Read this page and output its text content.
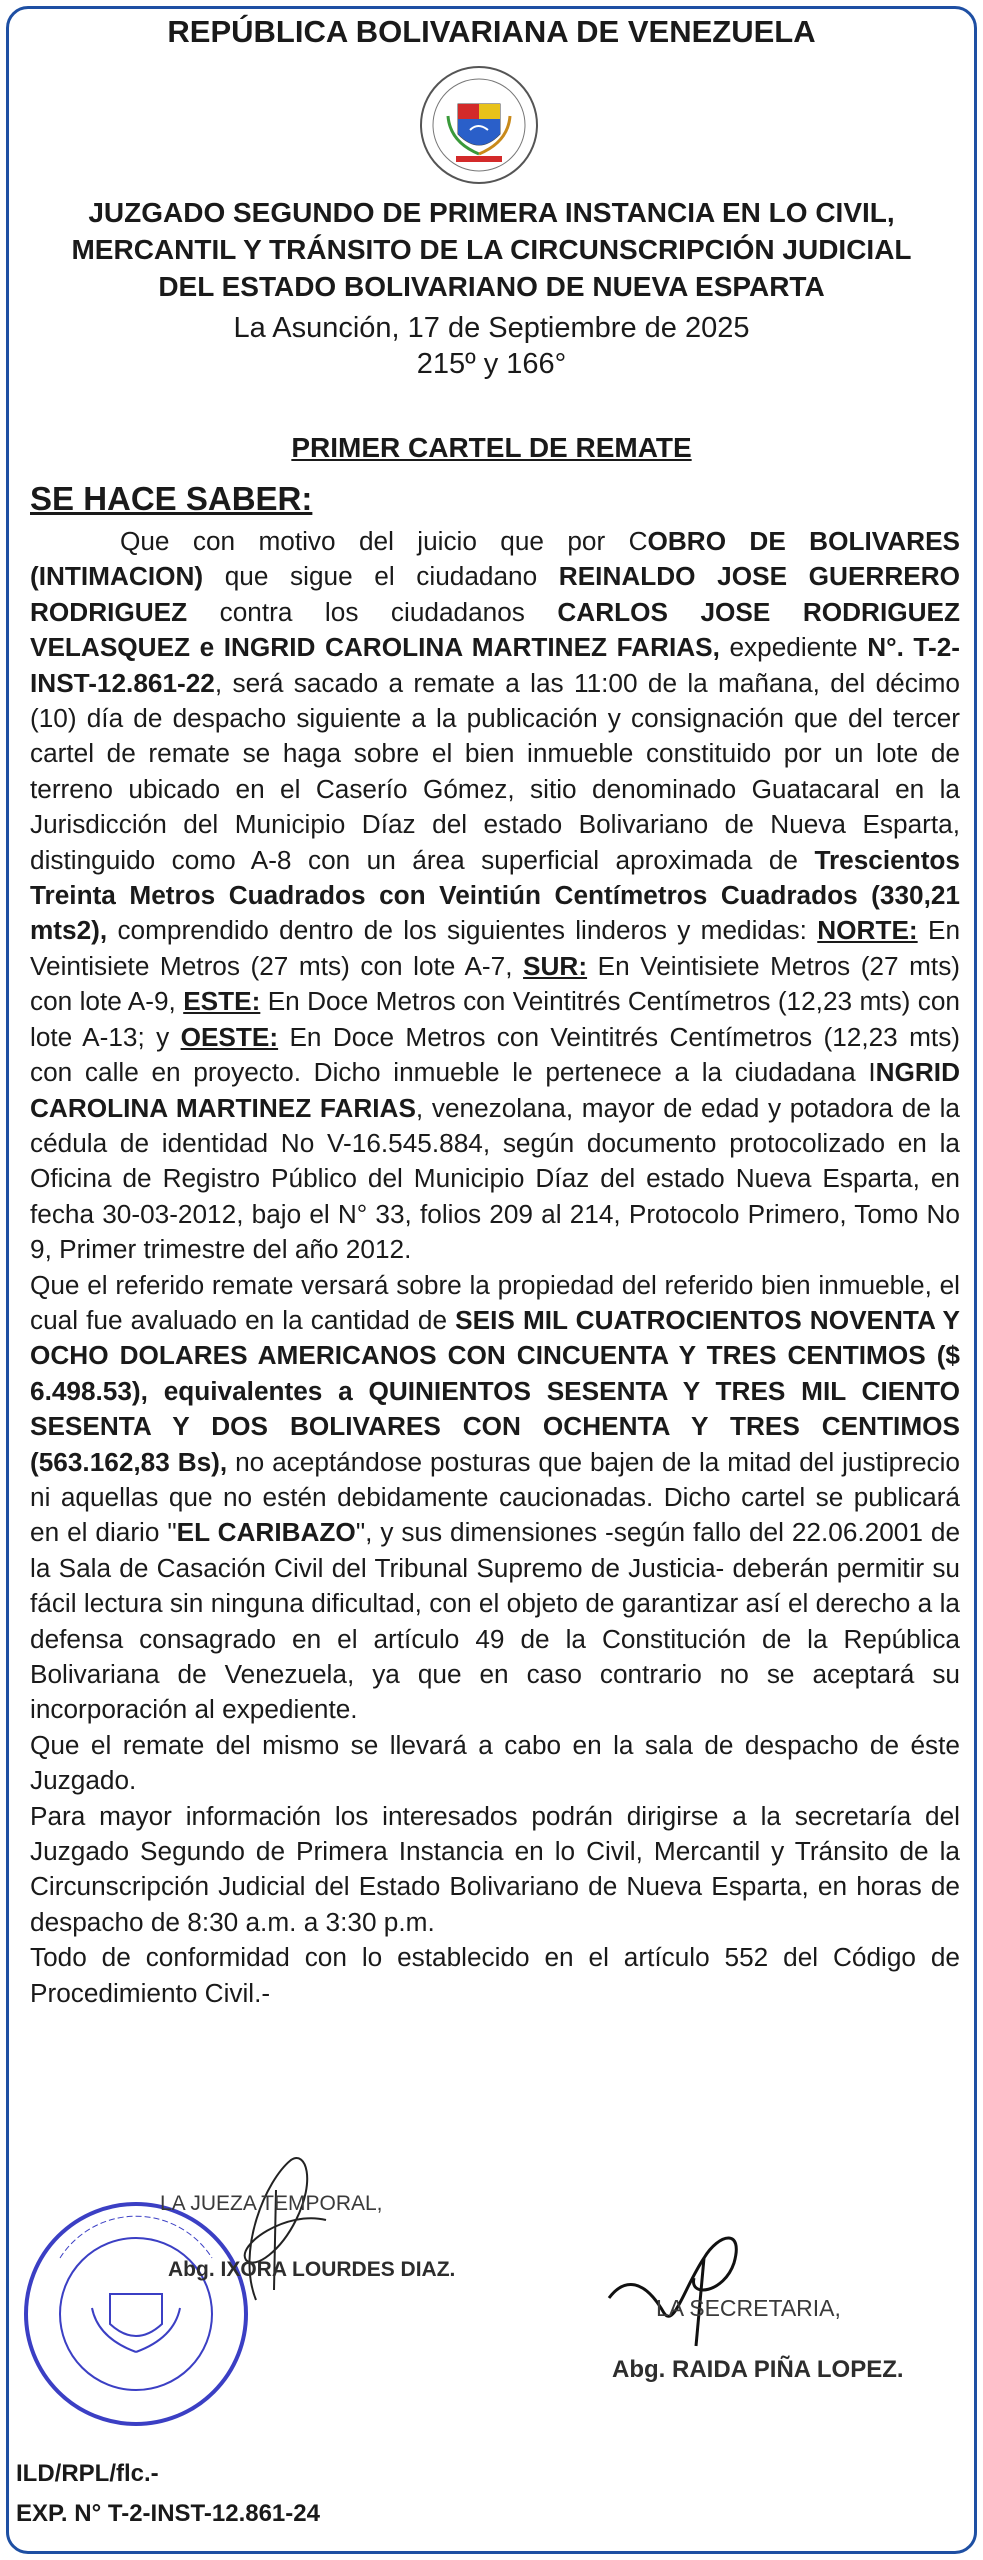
REPÚBLICA BOLIVARIANA DE VENEZUELA
JUZGADO SEGUNDO DE PRIMERA INSTANCIA EN LO CIVIL,
MERCANTIL Y TRÁNSITO DE LA CIRCUNSCRIPCIÓN JUDICIAL
DEL ESTADO BOLIVARIANO DE NUEVA ESPARTA
La Asunción, 17 de Septiembre de 2025
215º y 166°
PRIMER CARTEL DE REMATE
SE HACE SABER:

Que con motivo del juicio que por COBRO DE BOLIVARES (INTIMACION) que sigue el ciudadano REINALDO JOSE GUERRERO RODRIGUEZ contra los ciudadanos CARLOS JOSE RODRIGUEZ VELASQUEZ e INGRID CAROLINA MARTINEZ FARIAS, expediente N°. T-2- INST-12.861-22, será sacado a remate a las 11:00 de la mañana, del décimo (10) día de despacho siguiente a la publicación y consignación que del tercer cartel de remate se haga sobre el bien inmueble constituido por un lote de terreno ubicado en el Caserío Gómez, sitio denominado Guatacaral en la Jurisdicción del Municipio Díaz del estado Bolivariano de Nueva Esparta, distinguido como A-8 con un área superficial aproximada de Trescientos Treinta Metros Cuadrados con Veintiún Centímetros Cuadrados (330,21 mts2), comprendido dentro de los siguientes linderos y medidas: NORTE: En Veintisiete Metros (27 mts) con lote A-7, SUR: En Veintisiete Metros (27 mts) con lote A-9, ESTE: En Doce Metros con Veintitrés Centímetros (12,23 mts) con lote A-13; y OESTE: En Doce Metros con Veintitrés Centímetros (12,23 mts) con calle en proyecto. Dicho inmueble le pertenece a la ciudadana INGRID CAROLINA MARTINEZ FARIAS, venezolana, mayor de edad y potadora de la cédula de identidad No V-16.545.884, según documento protocolizado en la Oficina de Registro Público del Municipio Díaz del estado Nueva Esparta, en fecha 30-03-2012, bajo el N° 33, folios 209 al 214, Protocolo Primero, Tomo No 9, Primer trimestre del año 2012.

Que el referido remate versará sobre la propiedad del referido bien inmueble, el cual fue avaluado en la cantidad de SEIS MIL CUATROCIENTOS NOVENTA Y OCHO DOLARES AMERICANOS CON CINCUENTA Y TRES CENTIMOS ($ 6.498.53), equivalentes a QUINIENTOS SESENTA Y TRES MIL CIENTO SESENTA Y DOS BOLIVARES CON OCHENTA Y TRES CENTIMOS (563.162,83 Bs), no aceptándose posturas que bajen de la mitad del justiprecio ni aquellas que no estén debidamente caucionadas. Dicho cartel se publicará en el diario "EL CARIBAZO", y sus dimensiones -según fallo del 22.06.2001 de la Sala de Casación Civil del Tribunal Supremo de Justicia- deberán permitir su fácil lectura sin ninguna dificultad, con el objeto de garantizar así el derecho a la defensa consagrado en el artículo 49 de la Constitución de la República Bolivariana de Venezuela, ya que en caso contrario no se aceptará su incorporación al expediente.

Que el remate del mismo se llevará a cabo en la sala de despacho de éste Juzgado.

Para mayor información los interesados podrán dirigirse a la secretaría del Juzgado Segundo de Primera Instancia en lo Civil, Mercantil y Tránsito de la Circunscripción Judicial del Estado Bolivariano de Nueva Esparta, en horas de despacho de 8:30 a.m. a 3:30 p.m.

Todo de conformidad con lo establecido en el artículo 552 del Código de Procedimiento Civil.-

LA JUEZA TEMPORAL,
Abg. IXORA LOURDES DIAZ.
LA SECRETARIA,
Abg. RAIDA PIÑA LOPEZ.
ILD/RPL/flc.-
EXP. N° T-2-INST-12.861-24
